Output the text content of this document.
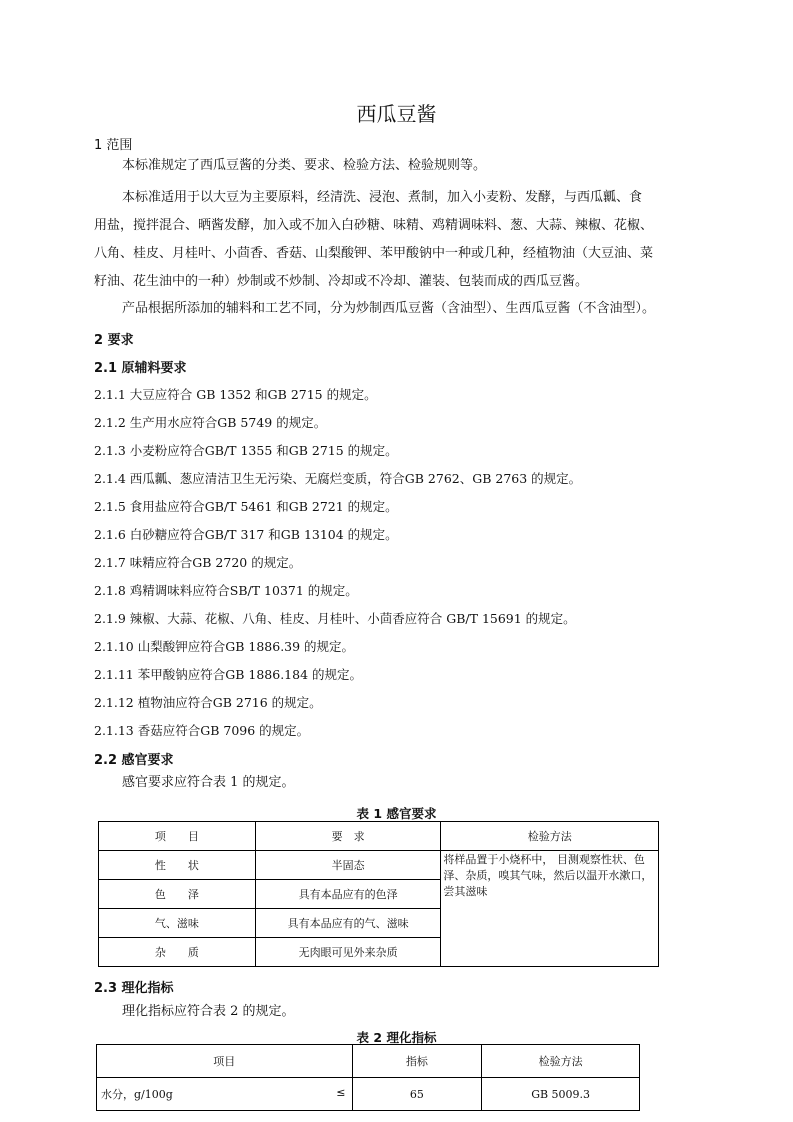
西瓜豆酱
1 范围
本标准规定了西瓜豆酱的分类、要求、检验方法、检验规则等。
本标准适用于以大豆为主要原料，经清洗、浸泡、煮制，加入小麦粉、发酵，与西瓜瓤、食
用盐，搅拌混合、晒酱发酵，加入或不加入白砂糖、味精、鸡精调味料、葱、大蒜、辣椒、花椒、
八角、桂皮、月桂叶、小茴香、香菇、山梨酸钾、苯甲酸钠中一种或几种，经植物油（大豆油、菜
籽油、花生油中的一种）炒制或不炒制、冷却或不冷却、灌装、包装而成的西瓜豆酱。
产品根据所添加的辅料和工艺不同，分为炒制西瓜豆酱（含油型）、生西瓜豆酱（不含油型）。
2 要求
2.1 原辅料要求
2.1.1 大豆应符合 GB 1352 和GB 2715 的规定。
2.1.2 生产用水应符合GB 5749 的规定。
2.1.3 小麦粉应符合GB/T 1355 和GB 2715 的规定。
2.1.4 西瓜瓤、葱应清洁卫生无污染、无腐烂变质，符合GB 2762、GB 2763 的规定。
2.1.5 食用盐应符合GB/T 5461 和GB 2721 的规定。
2.1.6 白砂糖应符合GB/T 317 和GB 13104 的规定。
2.1.7 味精应符合GB 2720 的规定。
2.1.8 鸡精调味料应符合SB/T 10371 的规定。
2.1.9 辣椒、大蒜、花椒、八角、桂皮、月桂叶、小茴香应符合 GB/T 15691 的规定。
2.1.10 山梨酸钾应符合GB 1886.39 的规定。
2.1.11 苯甲酸钠应符合GB 1886.184 的规定。
2.1.12 植物油应符合GB 2716 的规定。
2.1.13 香菇应符合GB 7096 的规定。
2.2 感官要求
感官要求应符合表 1 的规定。
表 1 感官要求
项　　目	要　求	检验方法
性　　状	半固态	将样品置于小烧杯中， 目测观察性状、色泽、杂质，嗅其气味，然后以温开水漱口，尝其滋味
色　　泽	具有本品应有的色泽	
气、滋味	具有本品应有的气、滋味	
杂　　质	无肉眼可见外来杂质	
2.3 理化指标
理化指标应符合表 2 的规定。
表 2 理化指标
项目	指标	检验方法
水分，g/100g ≤	65	GB 5009.3
